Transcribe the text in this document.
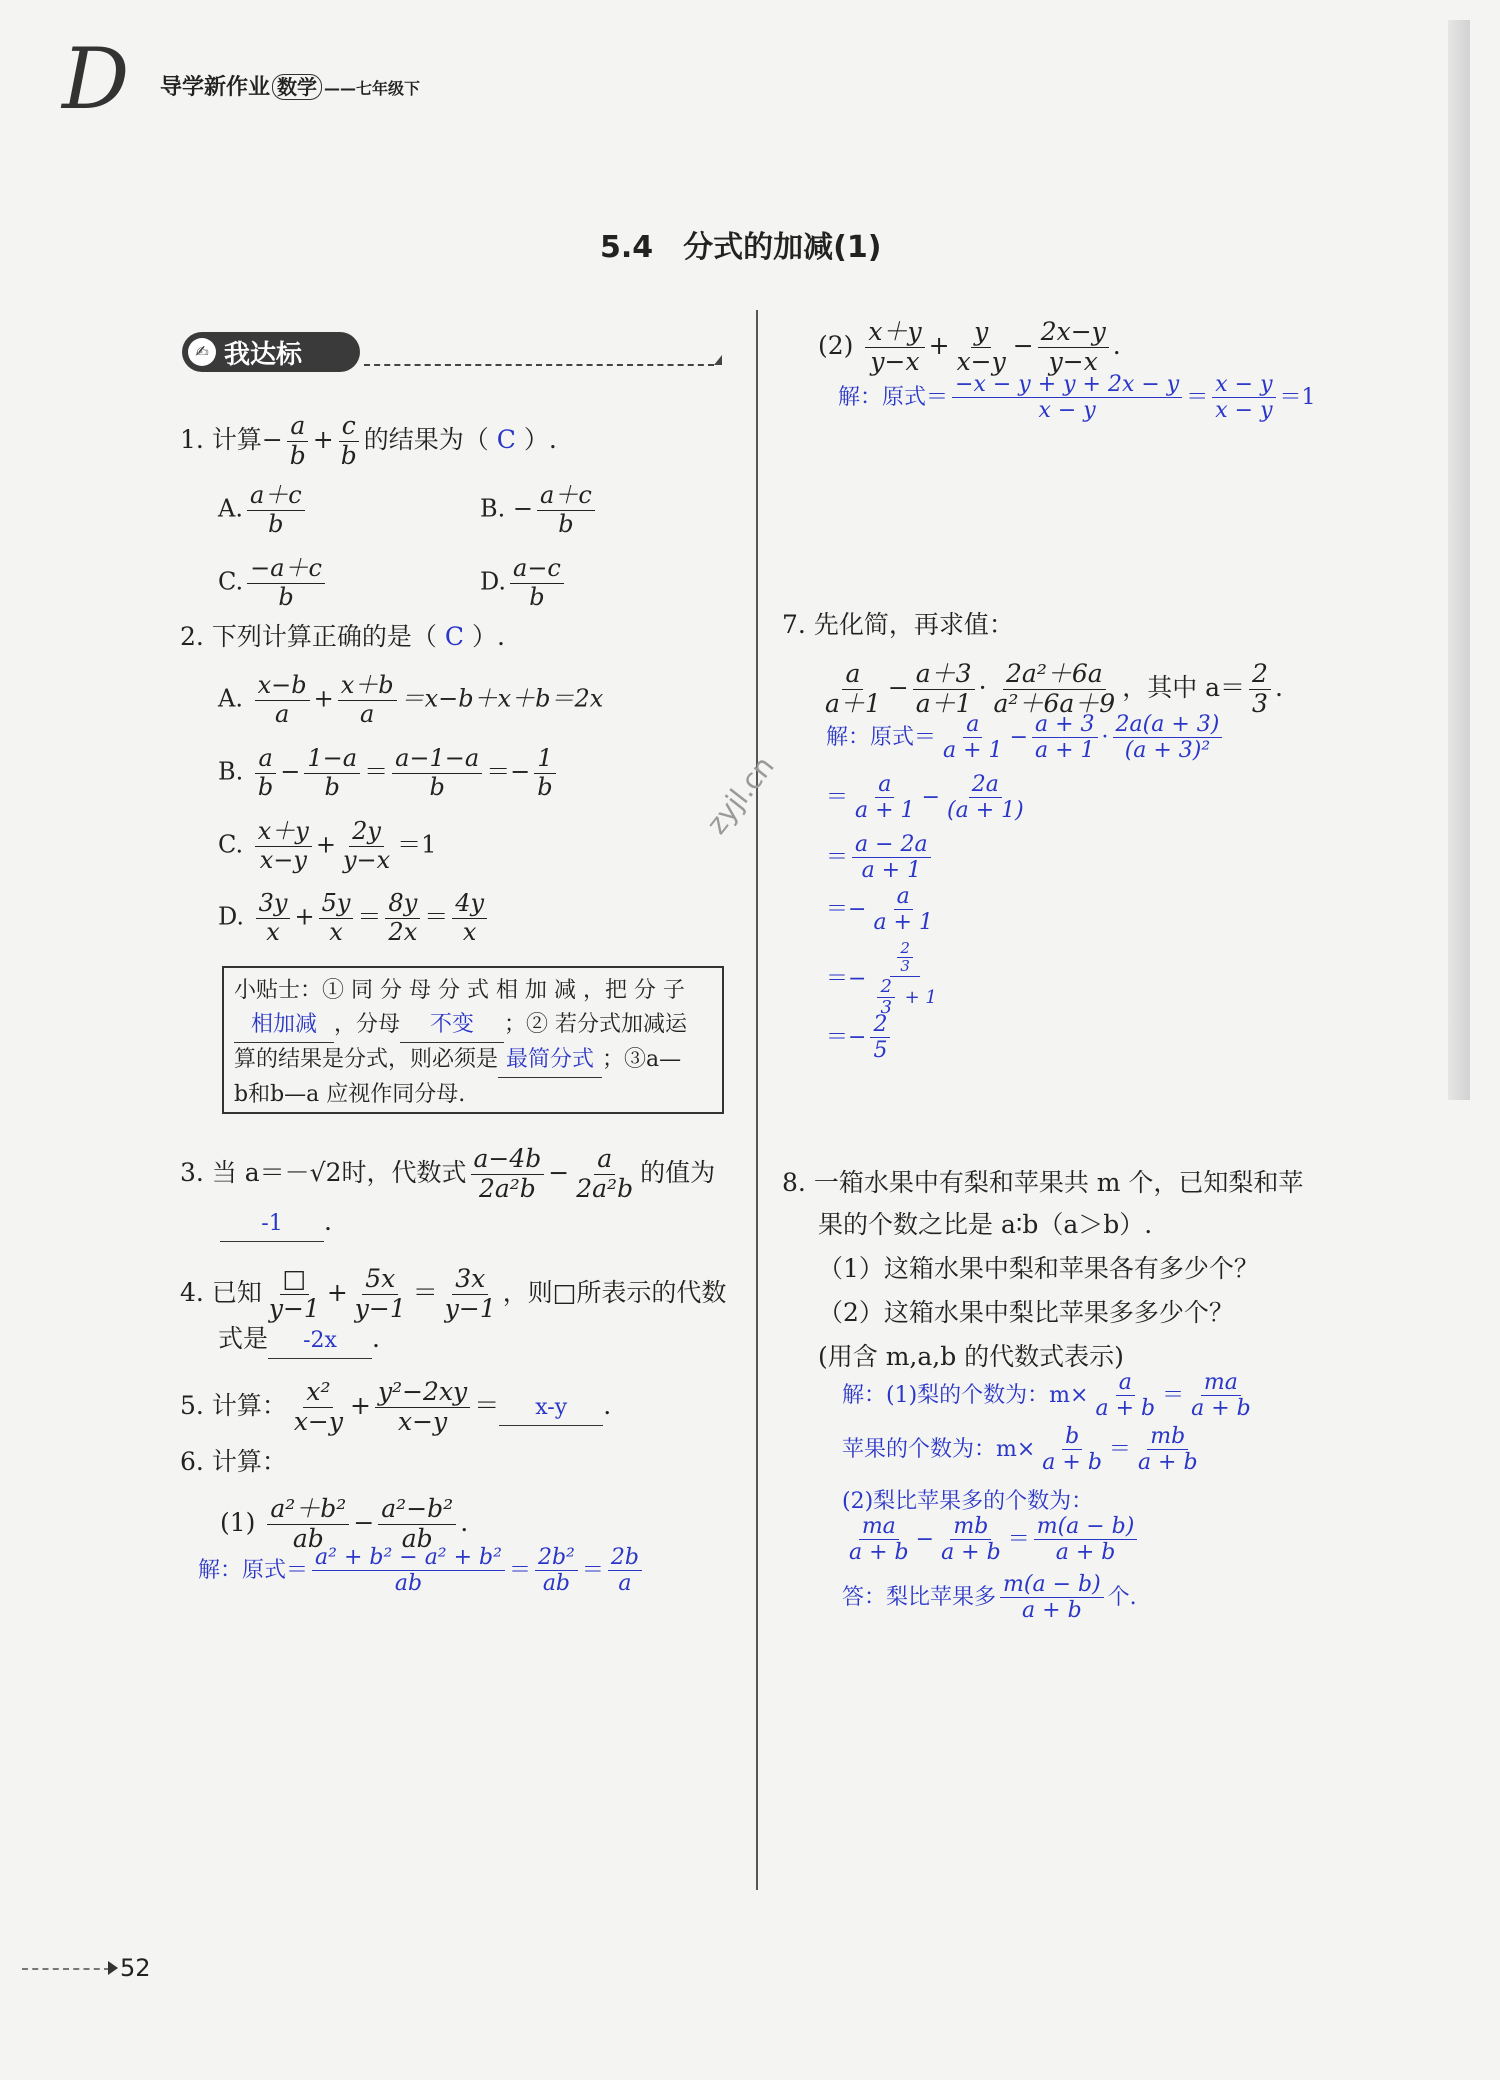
D 导学新作业 数学 ——七年级下
5.4　分式的加减(1)
✍ 我达标
1. 计算− $\frac{a}{b} + \frac{c}{b}$ 的结果为（ C ）.
A. $\frac{a+c}{b}$	B. − $\frac{a+c}{b}$
C. $\frac{-a+c}{b}$	D. $\frac{a-c}{b}$
2. 下列计算正确的是（ C ）.
A. $\frac{x-b}{a} + \frac{x+b}{a} =x-b+x+b=2x$
B. $\frac{a}{b} - \frac{1-a}{b} = \frac{a-1-a}{b} =- \frac{1}{b}$
C. $\frac{x+y}{x-y} + \frac{2y}{y-x} =1$
D. $\frac{3y}{x} + \frac{5y}{x} = \frac{8y}{2x} = \frac{4y}{x}$
小贴士：① 同 分 母 分 式 相 加 减 ，把 分 子
相加减 ，分母 不变 ；② 若分式加减运
算的结果是分式，则必须是 最简分式 ；③a—
b和b—a 应视作同分母.
3. 当 a＝－√2时，代数式 $\frac{a-4b}{\text{2a²b}} - \frac{a}{\text{2a²b}}$ 的值为
-1 .
4. 已知 $\frac{□}{y-1} + \frac{5x}{y-1} = \frac{3x}{y-1}$ ，则□所表示的代数
式是 -2x .
5. 计算： $\frac{\text{x²}}{x-y} + \frac{\text{y²−2xy}}{x-y} = x-y$ .
6. 计算：
$(1) \frac{\text{a²＋b²}}{ab} - \frac{\text{a²−b²}}{ab}$ .
解：原式＝ $\frac{\text{a² + b² − a² + b²}}{ab} = \frac{\text{2b²}}{ab} = \frac{2b}{a}$
$(2) \frac{x+y}{y-x} + \frac{y}{x-y} - \frac{2x-y}{y-x}$ .
解：原式＝ $\frac{-x - y + y + 2x - y}{x - y} = \frac{x - y}{x - y} =1$
7. 先化简，再求值：
$\frac{a}{a+1} - \frac{a+3}{a+1} \cdot \frac{\text{2a²＋6a}}{\text{a²＋6a＋9}}$ ，其中 $a= \frac{2}{3}$ .
解：原式＝ $\frac{a}{a + 1} - \frac{a + 3}{a + 1} \cdot \frac{2a(a + 3)}{\text{(a + 3)²}}$
＝ $\frac{a}{a + 1} - \frac{2a}{(a + 1)}$
＝ $\frac{a - 2a}{a + 1}$
＝− $\frac{a}{a + 1}$
＝− $\frac{\frac{2}{3}}{\frac{2}{3} + 1}$
＝− $\frac{2}{5}$
zyjl.cn
8. 一箱水果中有梨和苹果共 m 个，已知梨和苹
果的个数之比是 a∶b（a＞b）.
（1）这箱水果中梨和苹果各有多少个？
（2）这箱水果中梨比苹果多多少个？
(用含 m,a,b 的代数式表示)
解：(1)梨的个数为：$m\times \frac{a}{a + b} = \frac{ma}{a + b}$
苹果的个数为：$m\times \frac{b}{a + b} = \frac{mb}{a + b}$
(2)梨比苹果多的个数为：
$\frac{ma}{a + b} - \frac{mb}{a + b} = \frac{m(a - b)}{a + b}$
答：梨比苹果多 $\frac{m(a - b)}{a + b}$ 个.
52
